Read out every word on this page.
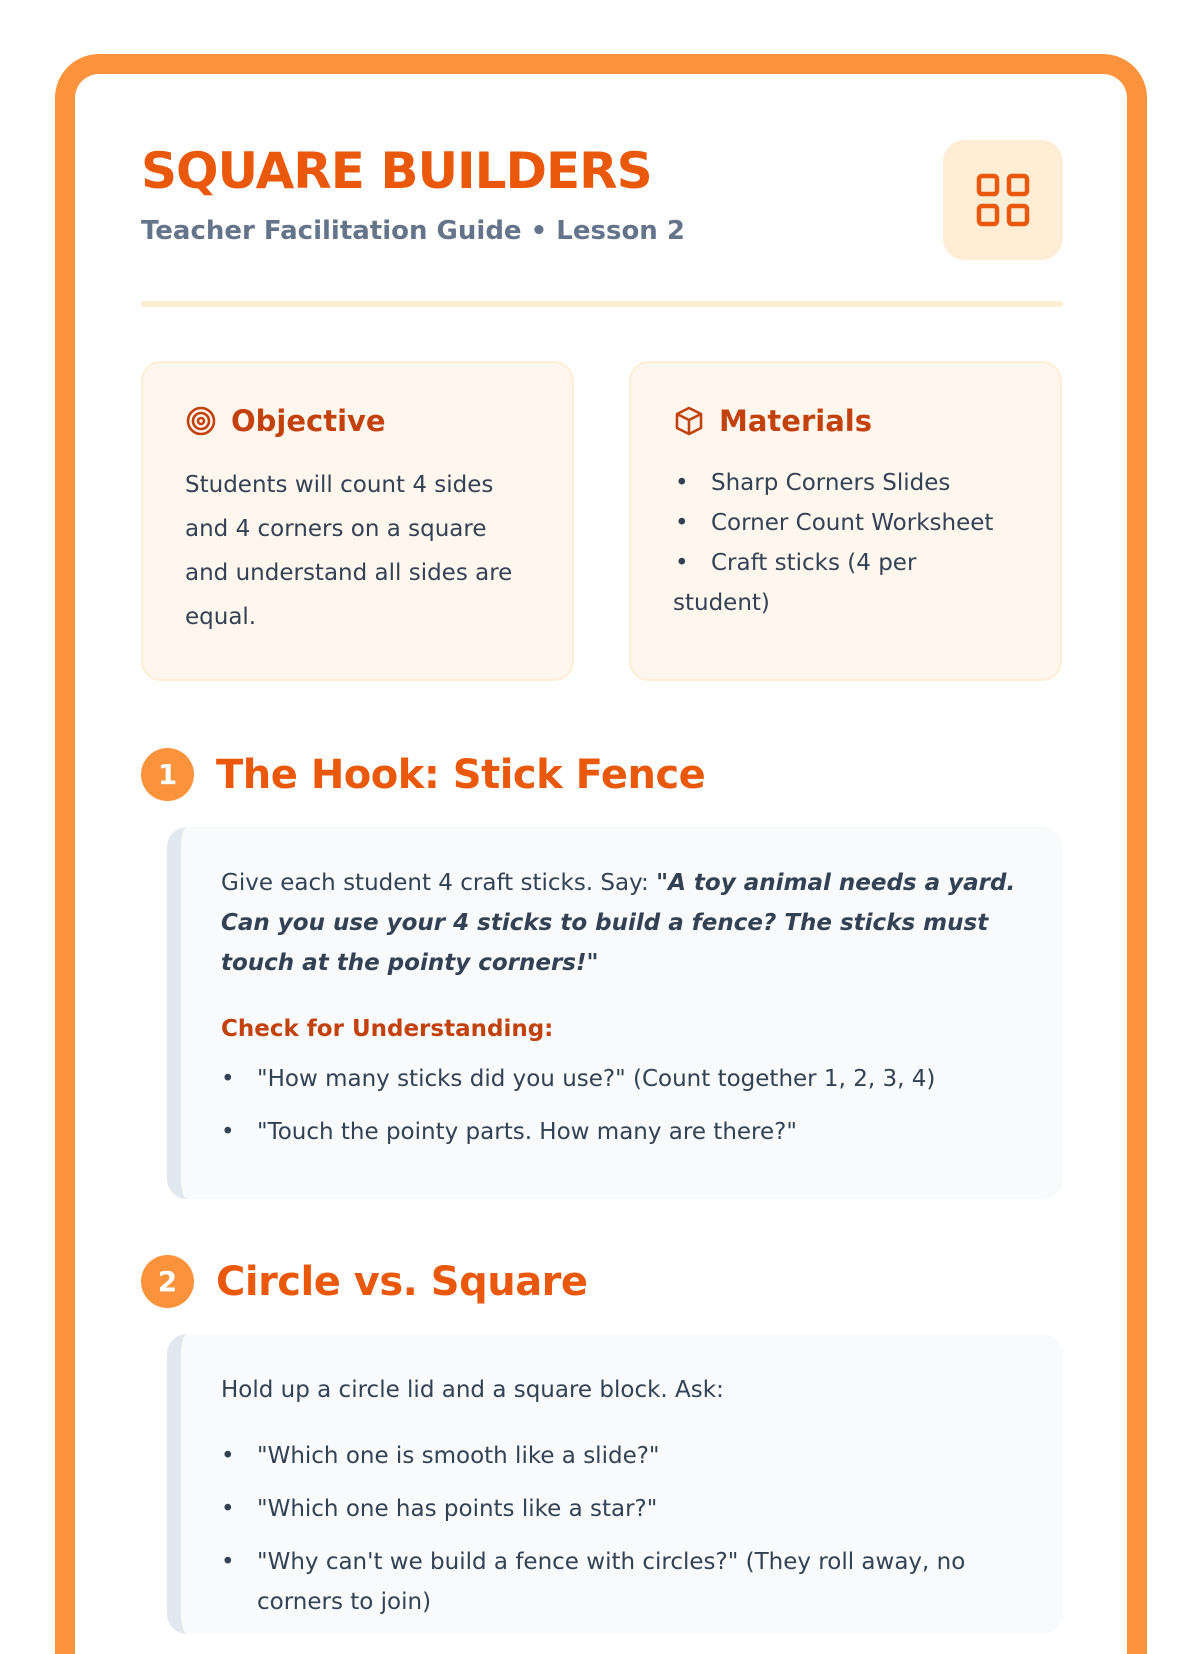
SQUARE BUILDERS
Teacher Facilitation Guide • Lesson 2
Objective
Students will count 4 sides and 4 corners on a square and understand all sides are equal.
Materials
• Sharp Corners Slides
• Corner Count Worksheet
• Craft sticks (4 per student)
1 The Hook: Stick Fence

Give each student 4 craft sticks. Say: "A toy animal needs a yard. Can you use your 4 sticks to build a fence? The sticks must touch at the pointy corners!"

Check for Understanding:
• "How many sticks did you use?" (Count together 1, 2, 3, 4)
• "Touch the pointy parts. How many are there?"
2 Circle vs. Square

Hold up a circle lid and a square block. Ask:

• "Which one is smooth like a slide?"
• "Which one has points like a star?"
• "Why can't we build a fence with circles?" (They roll away, no corners to join)
